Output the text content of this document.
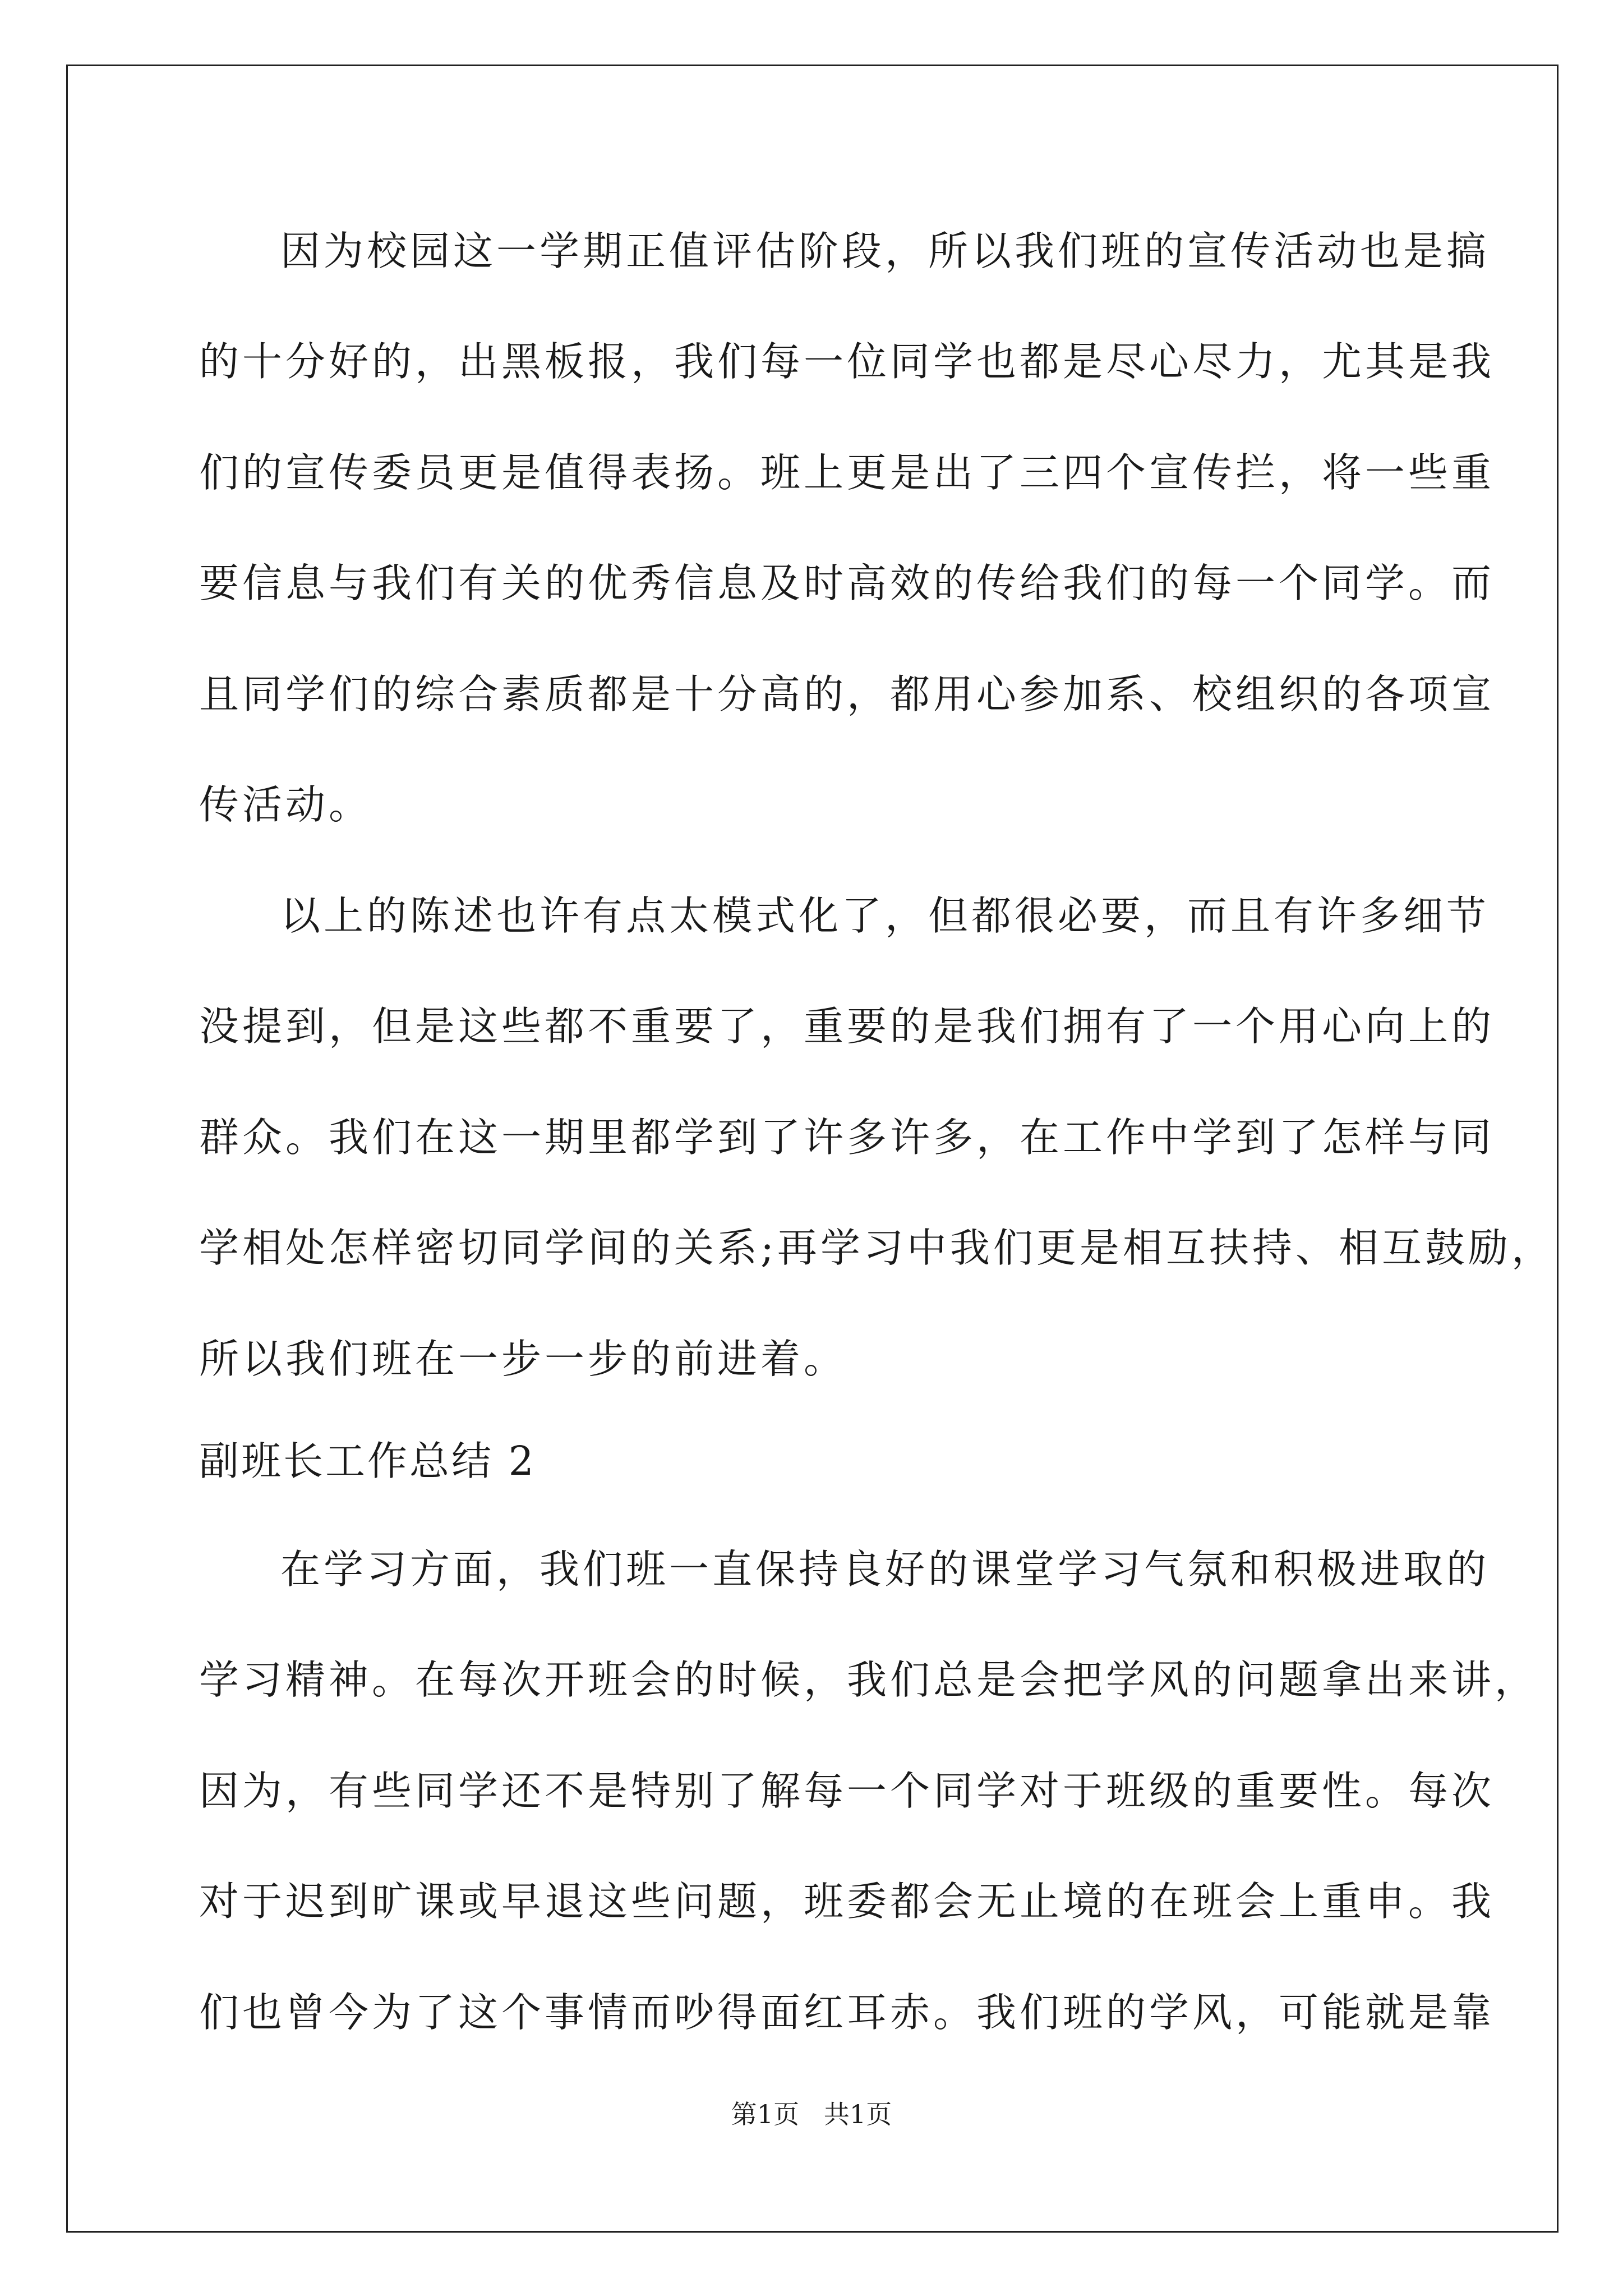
因为校园这一学期正值评估阶段，所以我们班的宣传活动也是搞
的十分好的，出黑板报，我们每一位同学也都是尽心尽力，尤其是我
们的宣传委员更是值得表扬。班上更是出了三四个宣传拦，将一些重
要信息与我们有关的优秀信息及时高效的传给我们的每一个同学。而
且同学们的综合素质都是十分高的，都用心参加系、校组织的各项宣
传活动。
以上的陈述也许有点太模式化了，但都很必要，而且有许多细节
没提到，但是这些都不重要了，重要的是我们拥有了一个用心向上的
群众。我们在这一期里都学到了许多许多，在工作中学到了怎样与同
学相处怎样密切同学间的关系;再学习中我们更是相互扶持、相互鼓励，
所以我们班在一步一步的前进着。
副班长工作总结 2
在学习方面，我们班一直保持良好的课堂学习气氛和积极进取的
学习精神。在每次开班会的时候，我们总是会把学风的问题拿出来讲，
因为，有些同学还不是特别了解每一个同学对于班级的重要性。每次
对于迟到旷课或早退这些问题，班委都会无止境的在班会上重申。我
们也曾今为了这个事情而吵得面红耳赤。我们班的学风，可能就是靠
第1页   共1页
